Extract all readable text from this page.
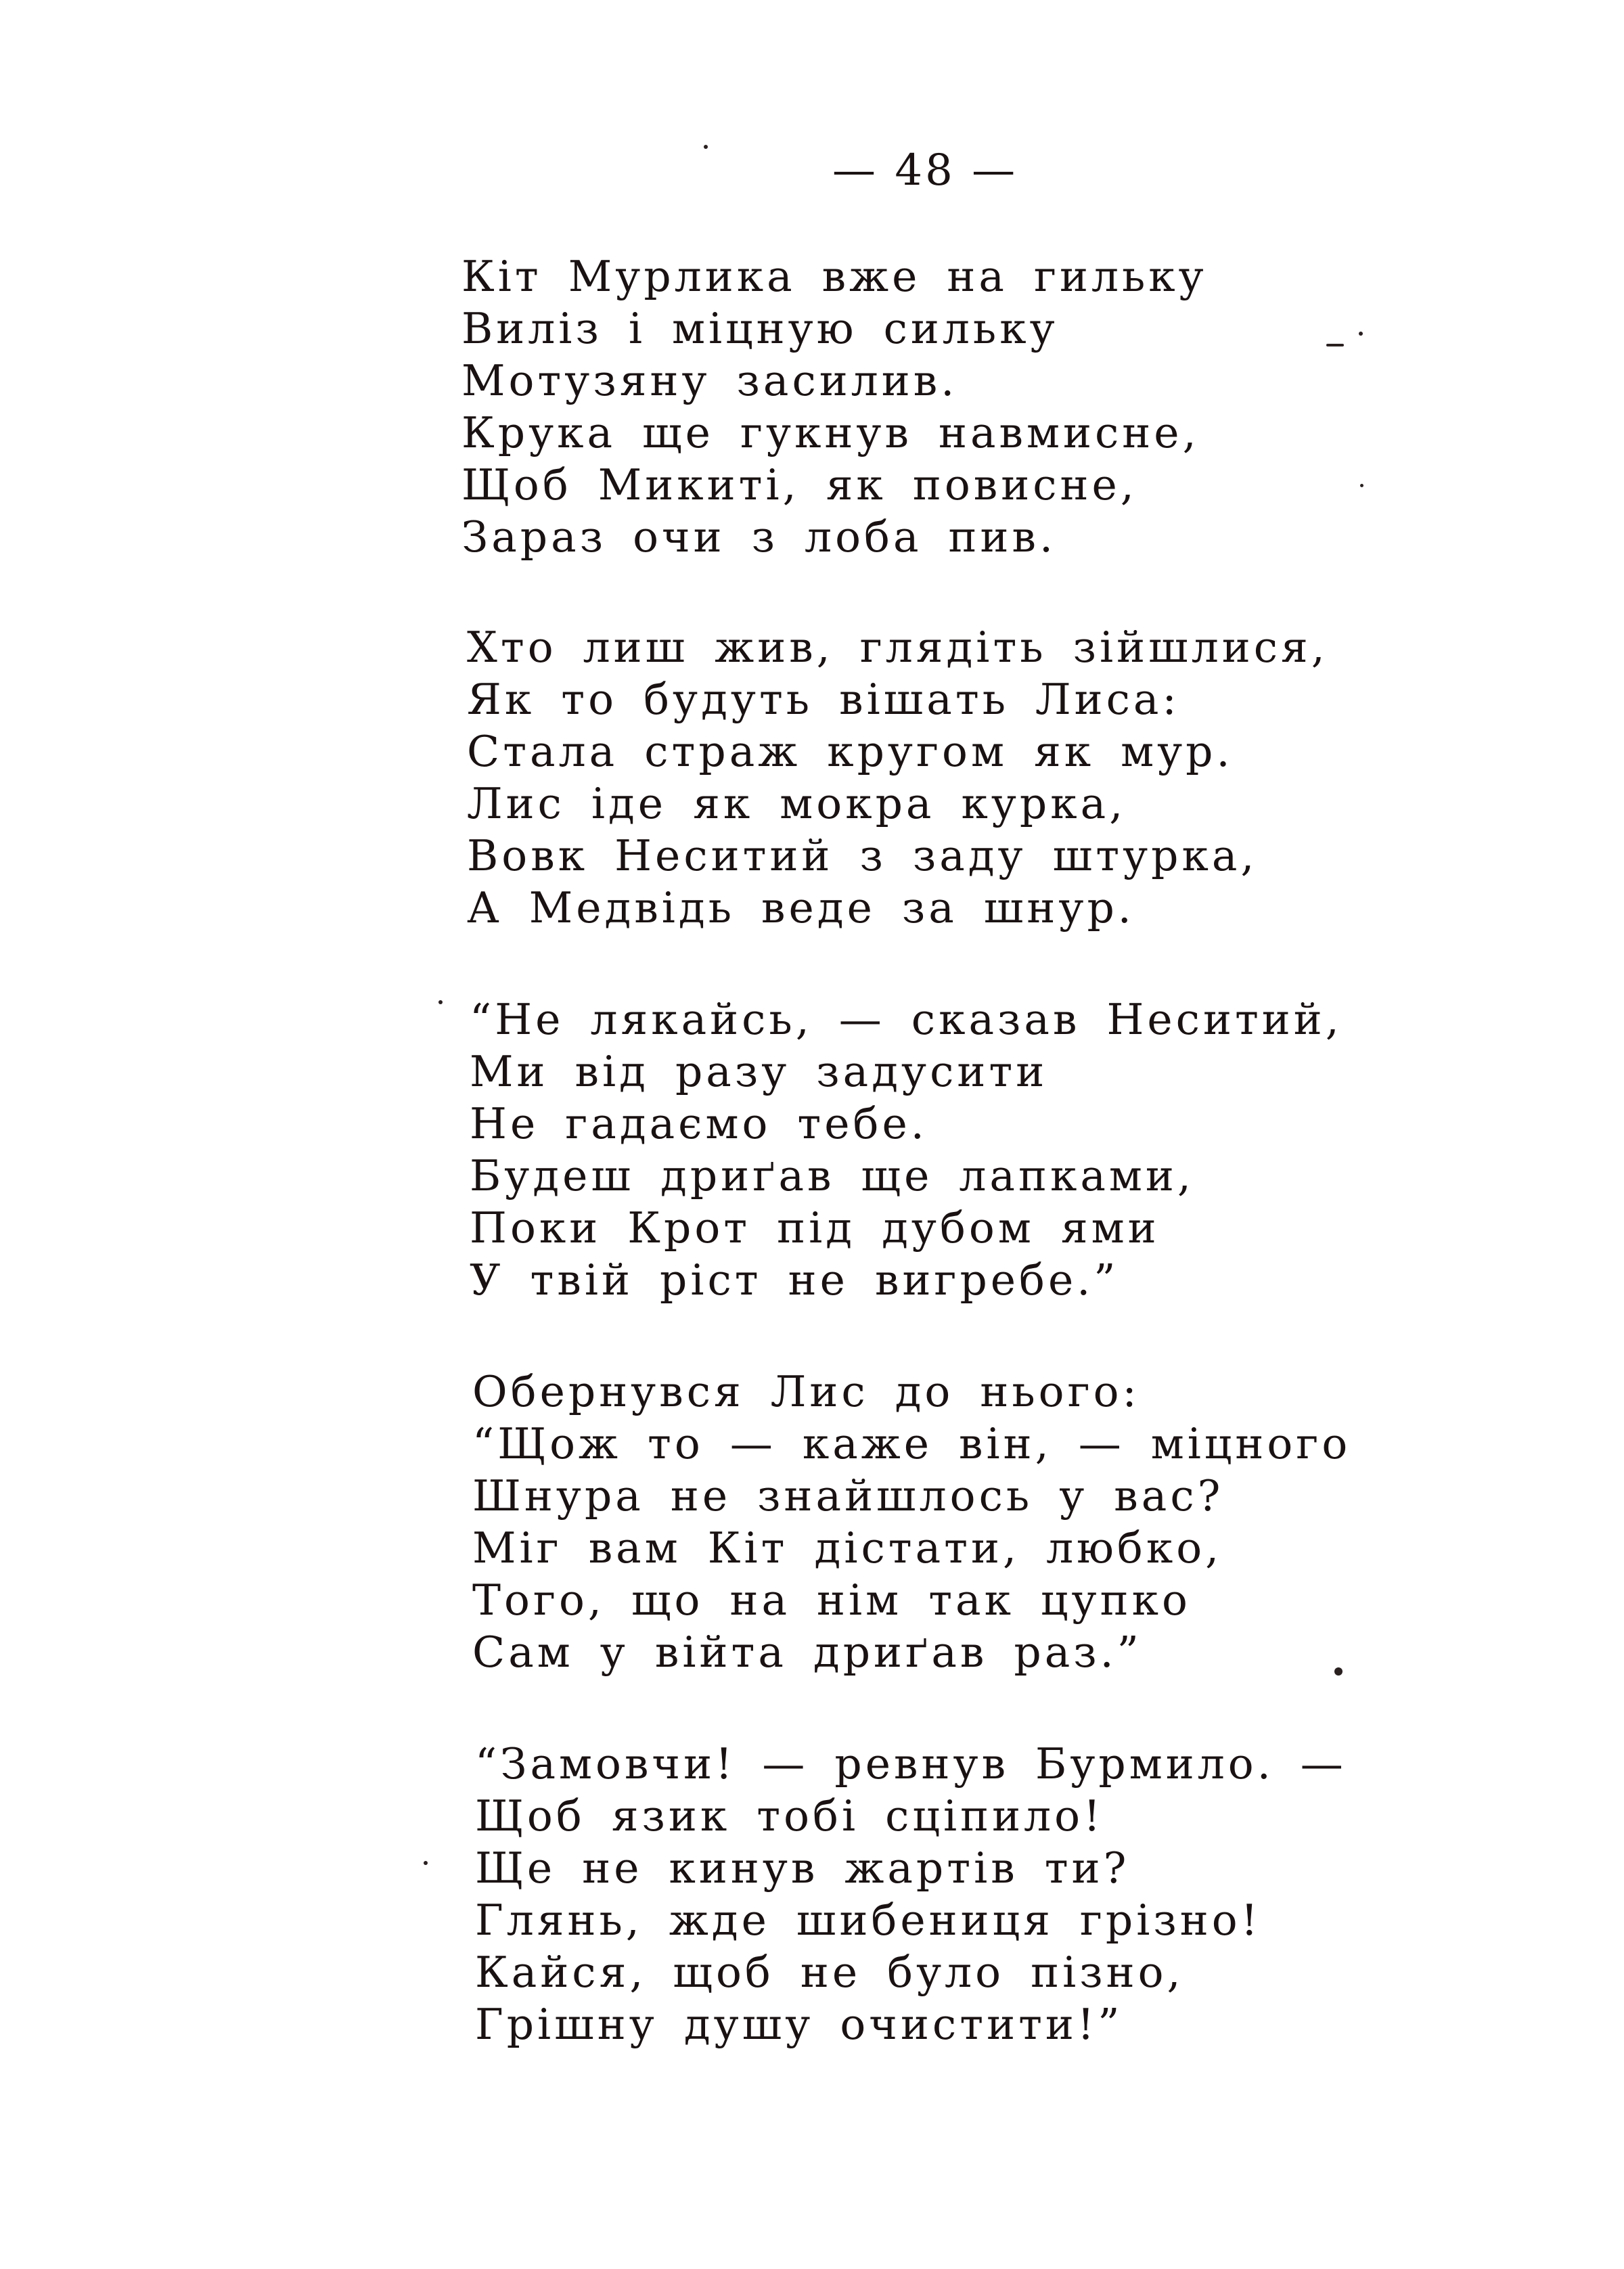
— 48 —
Кіт Мурлика вже на гильку
Виліз і міцную сильку
Мотузяну засилив.
Крука ще гукнув навмисне,
Щоб Микиті, як повисне,
Зараз очи з лоба пив.
Хто лиш жив, глядіть зійшлися,
Як то будуть вішать Лиса:
Стала страж кругом як мур.
Лис іде як мокра курка,
Вовк Неситий з заду штурка,
А Медвідь веде за шнур.
“Не лякайсь, — сказав Неситий,
Ми від разу задусити
Не гадаємо тебе.
Будеш дриґав ще лапками,
Поки Крот під дубом ями
У твій ріст не вигребе.”
Обернувся Лис до нього:
“Щож то — каже він, — міцного
Шнура не знайшлось у вас?
Міг вам Кіт дістати, любко,
Того, що на нім так цупко
Сам у війта дриґав раз.”
“Замовчи! — ревнув Бурмило. —
Щоб язик тобі сціпило!
Ще не кинув жартів ти?
Глянь, жде шибениця грізно!
Кайся, щоб не було пізно,
Грішну душу очистити!”
